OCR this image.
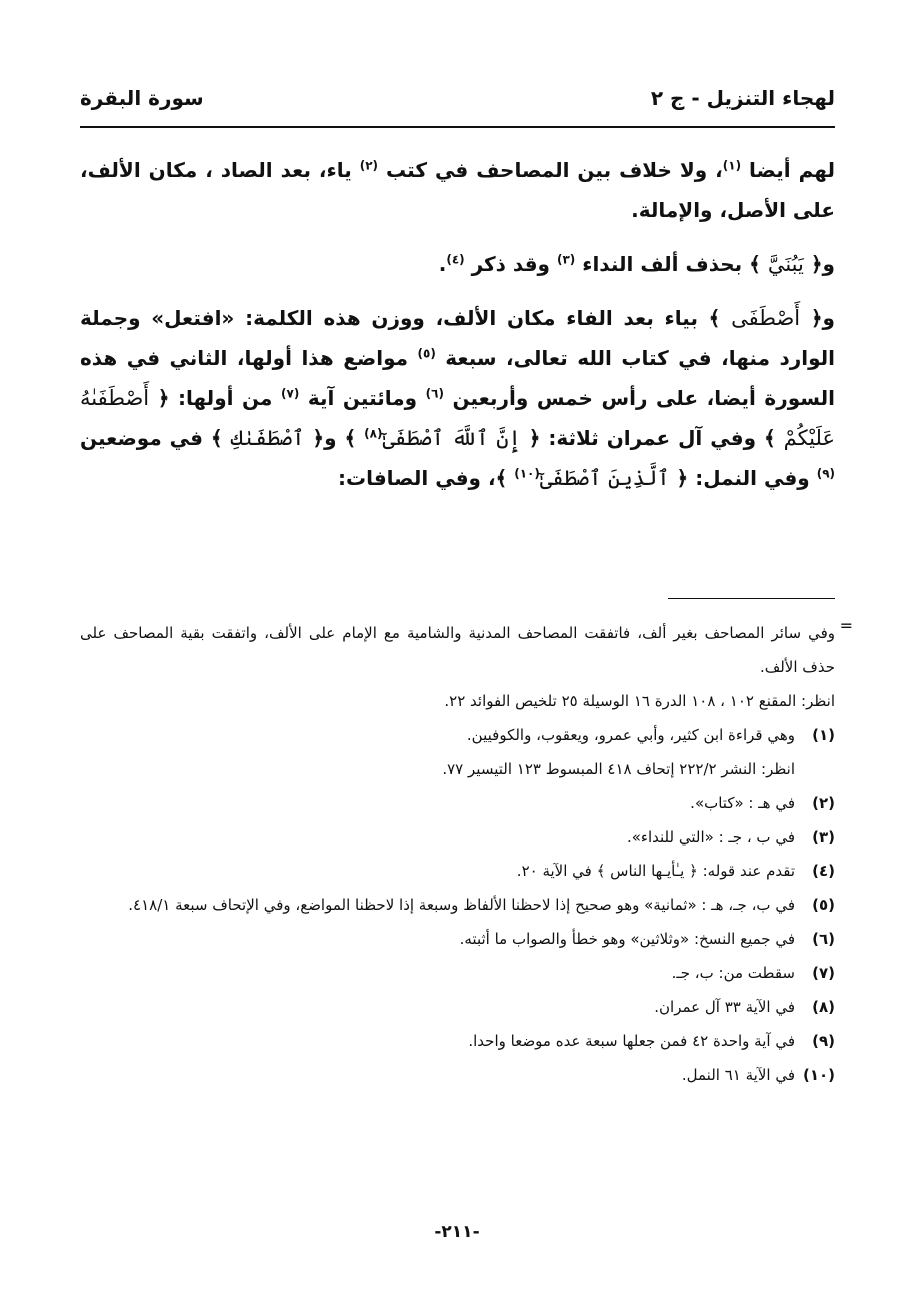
لهجاء التنزيل - ج ٢
سورة البقرة

لهم أيضا $^{(١)}$، ولا خلاف بين المصاحف في كتب $^{(٢)}$ ياء، بعد الصاد ، مكان الألف، على الأصل، والإمالة.

و﴿ يَبُنَيَّ ﴾ بحذف ألف النداء $^{(٣)}$ وقد ذكر $^{(٤)}$.

و﴿ أَصْطَفَى ﴾ بياء بعد الفاء مكان الألف، ووزن هذه الكلمة: «افتعل» وجملة الوارد منها، في كتاب الله تعالى، سبعة $^{(٥)}$ مواضع هذا أولها، الثاني في هذه السورة أيضا، على رأس خمس وأربعين $^{(٦)}$ ومائتين آية $^{(٧)}$ من أولها: ﴿ أَصْطَفَىٰهُ عَلَيْكُمْ ﴾ وفي آل عمران ثلاثة: ﴿ إِنَّ ٱللَّهَ ٱصْطَفَىٰٓ$^{(٨)}$ ﴾ و﴿ ٱصْطَفَىٰكِ ﴾ في موضعين $^{(٩)}$ وفي النمل: ﴿ ٱلَّذِينَ ٱصْطَفَىٰٓ$^{(١٠)}$ ﴾، وفي الصافات:

=

وفي سائر المصاحف بغير ألف، فاتفقت المصاحف المدنية والشامية مع الإمام على الألف، واتفقت بقية المصاحف على حذف الألف.

انظر: المقنع ١٠٢ ، ١٠٨ الدرة ١٦ الوسيلة ٢٥ تلخيص الفوائد ٢٢.

(١)وهي قراءة ابن كثير، وأبي عمرو، ويعقوب، والكوفيين.

انظر: النشر ٢٢٢/٢ إتحاف ٤١٨ المبسوط ١٢٣ التيسير ٧٧.

(٢)في هـ : «كتاب».

(٣)في ب ، جـ : «التي للنداء».

(٤)تقدم عند قوله: ﴿ يـٰأيـها الناس ﴾ في الآية ٢٠.

(٥)في ب، جـ، هـ : «ثمانية» وهو صحيح إذا لاحظنا الألفاظ وسبعة إذا لاحظنا المواضع، وفي الإتحاف سبعة ٤١٨/١.

(٦)في جميع النسخ: «وثلاثين» وهو خطأ والصواب ما أثبته.

(٧)سقطت من: ب، جـ.

(٨)في الآية ٣٣ آل عمران.

(٩)في آية واحدة ٤٢ فمن جعلها سبعة عده موضعا واحدا.

(١٠)في الآية ٦١ النمل.

-٢١١-
